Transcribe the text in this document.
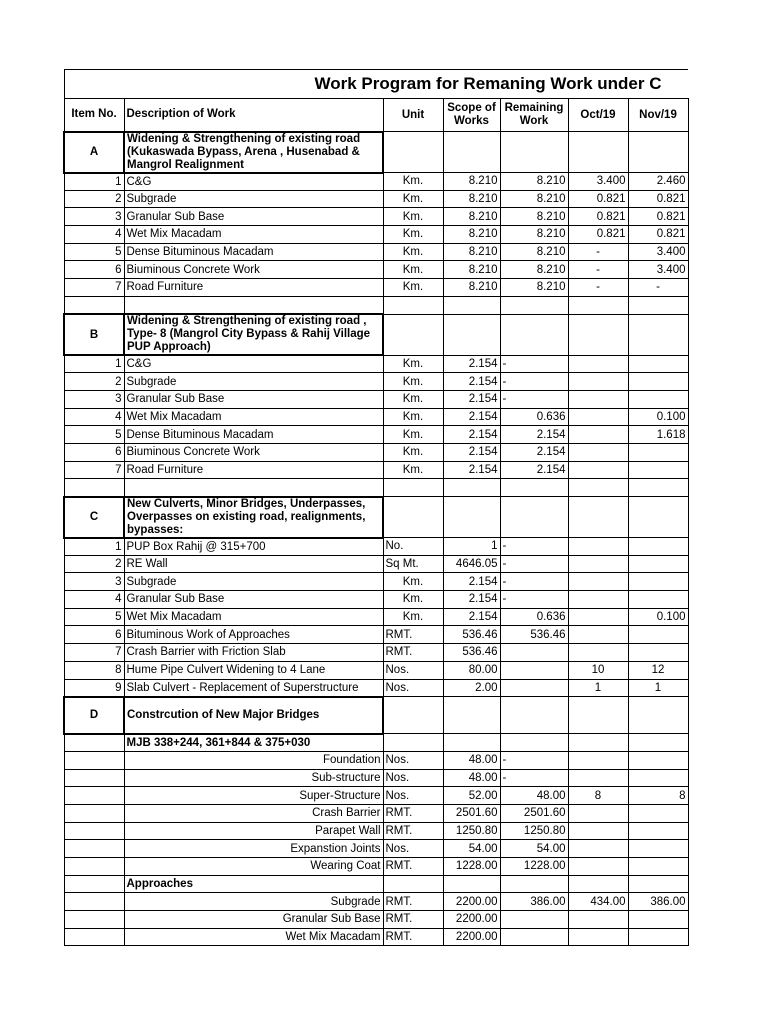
Work Program for Remaning Work under C						
Item No.	Description of Work	Unit	Scope of Works	Remaining Work	Oct/19	Nov/19
A	Widening & Strengthening of existing road (Kukaswada Bypass, Arena , Husenabad & Mangrol Realignment					
1	C&G	Km.	8.210	8.210	3.400	2.460
2	Subgrade	Km.	8.210	8.210	0.821	0.821
3	Granular Sub Base	Km.	8.210	8.210	0.821	0.821
4	Wet Mix Macadam	Km.	8.210	8.210	0.821	0.821
5	Dense Bituminous Macadam	Km.	8.210	8.210	-	3.400
6	Biuminous Concrete Work	Km.	8.210	8.210	-	3.400
7	Road Furniture	Km.	8.210	8.210	-	-

B	Widening & Strengthening of existing road , Type- 8 (Mangrol City Bypass & Rahij Village PUP Approach)					
1	C&G	Km.	2.154	-		
2	Subgrade	Km.	2.154	-		
3	Granular Sub Base	Km.	2.154	-		
4	Wet Mix Macadam	Km.	2.154	0.636		0.100
5	Dense Bituminous Macadam	Km.	2.154	2.154		1.618
6	Biuminous Concrete Work	Km.	2.154	2.154		
7	Road Furniture	Km.	2.154	2.154		

C	New Culverts, Minor Bridges, Underpasses, Overpasses on existing road, realignments, bypasses:					
1	PUP Box Rahij @ 315+700	No.	1	-		
2	RE Wall	Sq Mt.	4646.05	-		
3	Subgrade	Km.	2.154	-		
4	Granular Sub Base	Km.	2.154	-		
5	Wet Mix Macadam	Km.	2.154	0.636		0.100
6	Bituminous Work of Approaches	RMT.	536.46	536.46		
7	Crash Barrier with Friction Slab	RMT.	536.46			
8	Hume Pipe Culvert Widening to 4 Lane	Nos.	80.00		10	12
9	Slab Culvert - Replacement of Superstructure	Nos.	2.00		1	1
D	Constrcution of New Major Bridges					
	MJB 338+244, 361+844 & 375+030					
	Foundation	Nos.	48.00	-		
	Sub-structure	Nos.	48.00	-		
	Super-Structure	Nos.	52.00	48.00	8	8
	Crash Barrier	RMT.	2501.60	2501.60		
	Parapet Wall	RMT.	1250.80	1250.80		
	Expanstion Joints	Nos.	54.00	54.00		
	Wearing Coat	RMT.	1228.00	1228.00		
	Approaches					
	Subgrade	RMT.	2200.00	386.00	434.00	386.00
	Granular Sub Base	RMT.	2200.00			
	Wet Mix Macadam	RMT.	2200.00			
